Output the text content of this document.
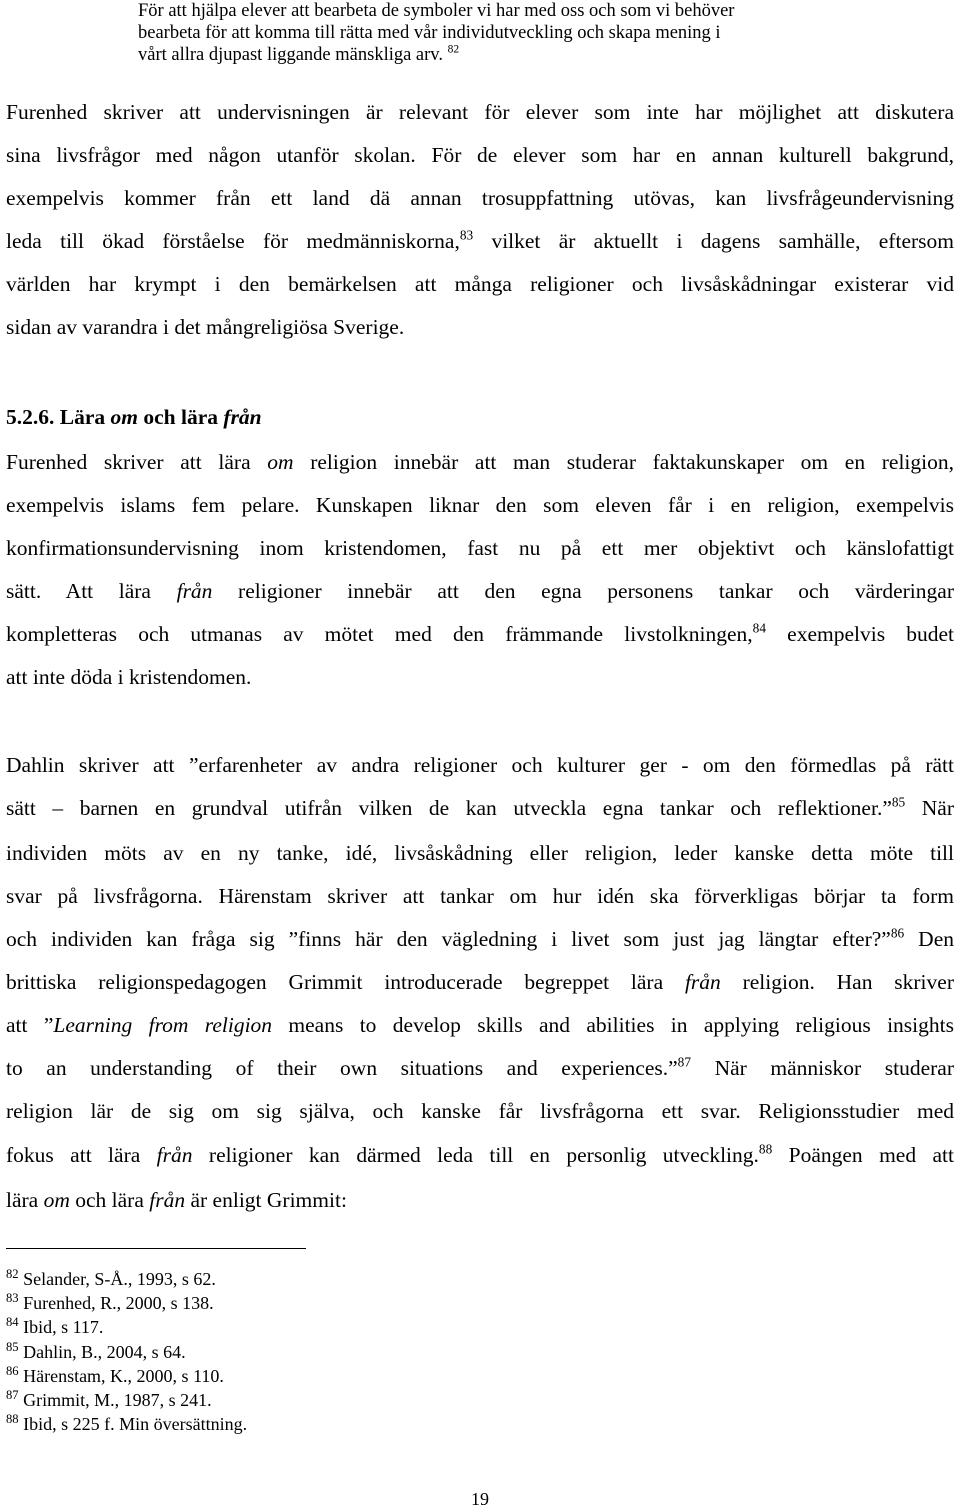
För att hjälpa elever att bearbeta de symboler vi har med oss och som vi behöver
bearbeta för att komma till rätta med vår individutveckling och skapa mening i
vårt allra djupast liggande mänskliga arv. $^{82}$
Furenhed skriver att undervisningen är relevant för elever som inte har möjlighet att diskutera
sina livsfrågor med någon utanför skolan. För de elever som har en annan kulturell bakgrund,
exempelvis kommer från ett land dä annan trosuppfattning utövas, kan livsfrågeundervisning
leda till ökad förståelse för medmänniskorna,$^{83}$ vilket är aktuellt i dagens samhälle, eftersom
världen har krympt i den bemärkelsen att många religioner och livsåskådningar existerar vid
sidan av varandra i det mångreligiösa Sverige.
5.2.6. Lära om och lära från
Furenhed skriver att lära om religion innebär att man studerar faktakunskaper om en religion,
exempelvis islams fem pelare. Kunskapen liknar den som eleven får i en religion, exempelvis
konfirmationsundervisning inom kristendomen, fast nu på ett mer objektivt och känslofattigt
sätt. Att lära från religioner innebär att den egna personens tankar och värderingar
kompletteras och utmanas av mötet med den främmande livstolkningen,$^{84}$ exempelvis budet
att inte döda i kristendomen.
Dahlin skriver att ”erfarenheter av andra religioner och kulturer ger - om den förmedlas på rätt
sätt – barnen en grundval utifrån vilken de kan utveckla egna tankar och reflektioner.”$^{85}$ När
individen möts av en ny tanke, idé, livsåskådning eller religion, leder kanske detta möte till
svar på livsfrågorna. Härenstam skriver att tankar om hur idén ska förverkligas börjar ta form
och individen kan fråga sig ”finns här den vägledning i livet som just jag längtar efter?”$^{86}$ Den
brittiska religionspedagogen Grimmit introducerade begreppet lära från religion. Han skriver
att ”Learning from religion means to develop skills and abilities in applying religious insights
to an understanding of their own situations and experiences.”$^{87}$ När människor studerar
religion lär de sig om sig själva, och kanske får livsfrågorna ett svar. Religionsstudier med
fokus att lära från religioner kan därmed leda till en personlig utveckling.$^{88}$ Poängen med att
lära om och lära från är enligt Grimmit:
$^{82}$ Selander, S-Å., 1993, s 62.
$^{83}$ Furenhed, R., 2000, s 138.
$^{84}$ Ibid, s 117.
$^{85}$ Dahlin, B., 2004, s 64.
$^{86}$ Härenstam, K., 2000, s 110.
$^{87}$ Grimmit, M., 1987, s 241.
$^{88}$ Ibid, s 225 f. Min översättning.
19
